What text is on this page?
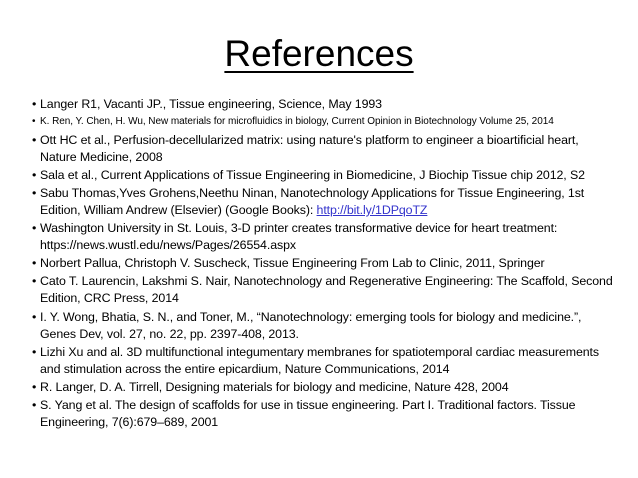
References
• Langer R1, Vacanti JP., Tissue engineering, Science, May 1993
• K. Ren, Y. Chen, H. Wu, New materials for microfluidics in biology, Current Opinion in Biotechnology Volume 25, 2014
• Ott HC et al., Perfusion-decellularized matrix: using nature's platform to engineer a bioartificial heart, Nature Medicine, 2008
• Sala et al., Current Applications of Tissue Engineering in Biomedicine, J Biochip Tissue chip 2012, S2
• Sabu Thomas,Yves Grohens,Neethu Ninan, Nanotechnology Applications for Tissue Engineering, 1st Edition, William Andrew (Elsevier) (Google Books): http://bit.ly/1DPqoTZ
• Washington University in St. Louis, 3-D printer creates transformative device for heart treatment: https://news.wustl.edu/news/Pages/26554.aspx
• Norbert Pallua, Christoph V. Suscheck, Tissue Engineering From Lab to Clinic, 2011, Springer
• Cato T. Laurencin, Lakshmi S. Nair, Nanotechnology and Regenerative Engineering: The Scaffold, Second Edition, CRC Press, 2014
• I. Y. Wong, Bhatia, S. N., and Toner, M., “Nanotechnology: emerging tools for biology and medicine.”, Genes Dev, vol. 27, no. 22, pp. 2397-408, 2013.
• Lizhi Xu and al. 3D multifunctional integumentary membranes for spatiotemporal cardiac measurements and stimulation across the entire epicardium, Nature Communications, 2014
• R. Langer, D. A. Tirrell, Designing materials for biology and medicine, Nature 428, 2004
• S. Yang et al. The design of scaffolds for use in tissue engineering. Part I. Traditional factors. Tissue Engineering, 7(6):679–689, 2001
